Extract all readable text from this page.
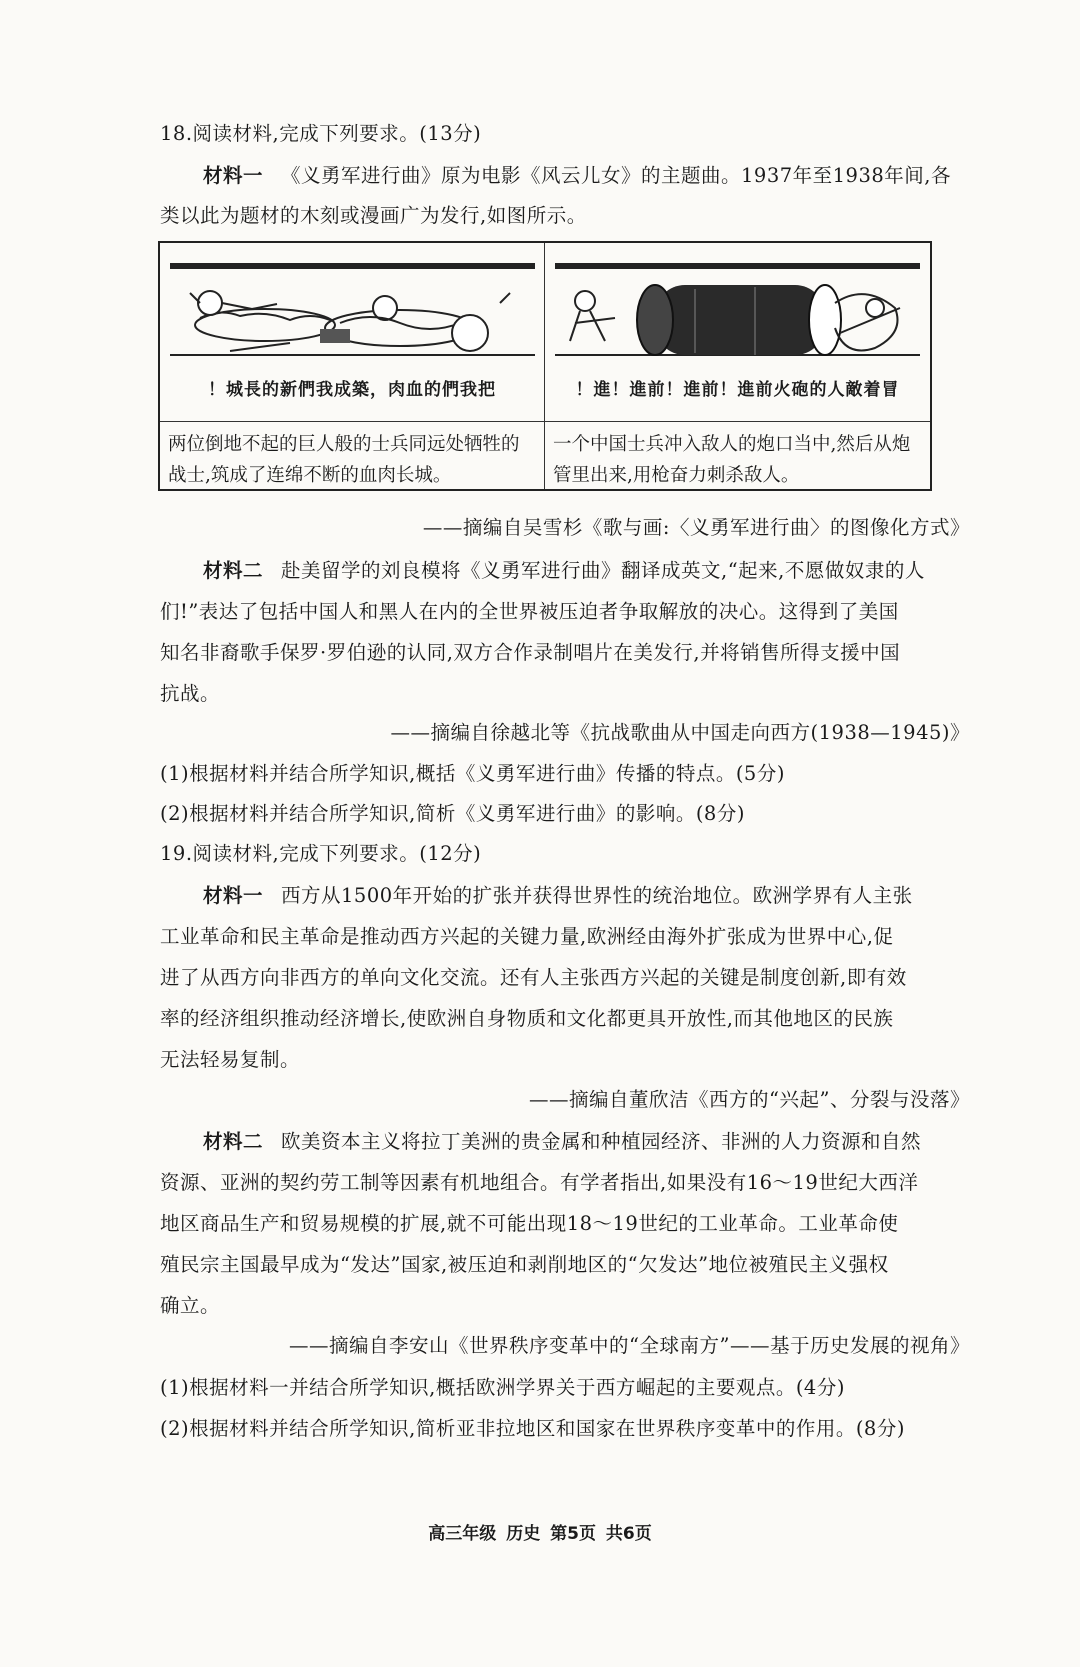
18.阅读材料,完成下列要求。(13分)
材料一 《义勇军进行曲》原为电影《风云儿女》的主题曲。1937年至1938年间,各
类以此为题材的木刻或漫画广为发行,如图所示。
！城長的新們我成築，肉血的們我把	！進！進前！進前！進前火砲的人敵着冒
两位倒地不起的巨人般的士兵同远处牺牲的战士,筑成了连绵不断的血肉长城。
一个中国士兵冲入敌人的炮口当中,然后从炮管里出来,用枪奋力刺杀敌人。
——摘编自吴雪杉《歌与画:〈义勇军进行曲〉的图像化方式》
材料二 赴美留学的刘良模将《义勇军进行曲》翻译成英文,“起来,不愿做奴隶的人
们!”表达了包括中国人和黑人在内的全世界被压迫者争取解放的决心。这得到了美国
知名非裔歌手保罗·罗伯逊的认同,双方合作录制唱片在美发行,并将销售所得支援中国
抗战。
——摘编自徐越北等《抗战歌曲从中国走向西方(1938—1945)》
(1)根据材料并结合所学知识,概括《义勇军进行曲》传播的特点。(5分)
(2)根据材料并结合所学知识,简析《义勇军进行曲》的影响。(8分)
19.阅读材料,完成下列要求。(12分)
材料一 西方从1500年开始的扩张并获得世界性的统治地位。欧洲学界有人主张
工业革命和民主革命是推动西方兴起的关键力量,欧洲经由海外扩张成为世界中心,促
进了从西方向非西方的单向文化交流。还有人主张西方兴起的关键是制度创新,即有效
率的经济组织推动经济增长,使欧洲自身物质和文化都更具开放性,而其他地区的民族
无法轻易复制。
——摘编自董欣洁《西方的“兴起”、分裂与没落》
材料二 欧美资本主义将拉丁美洲的贵金属和种植园经济、非洲的人力资源和自然
资源、亚洲的契约劳工制等因素有机地组合。有学者指出,如果没有16～19世纪大西洋
地区商品生产和贸易规模的扩展,就不可能出现18～19世纪的工业革命。工业革命使
殖民宗主国最早成为“发达”国家,被压迫和剥削地区的“欠发达”地位被殖民主义强权
确立。
——摘编自李安山《世界秩序变革中的“全球南方”——基于历史发展的视角》
(1)根据材料一并结合所学知识,概括欧洲学界关于西方崛起的主要观点。(4分)
(2)根据材料并结合所学知识,简析亚非拉地区和国家在世界秩序变革中的作用。(8分)
高三年级 历史 第5页 共6页
